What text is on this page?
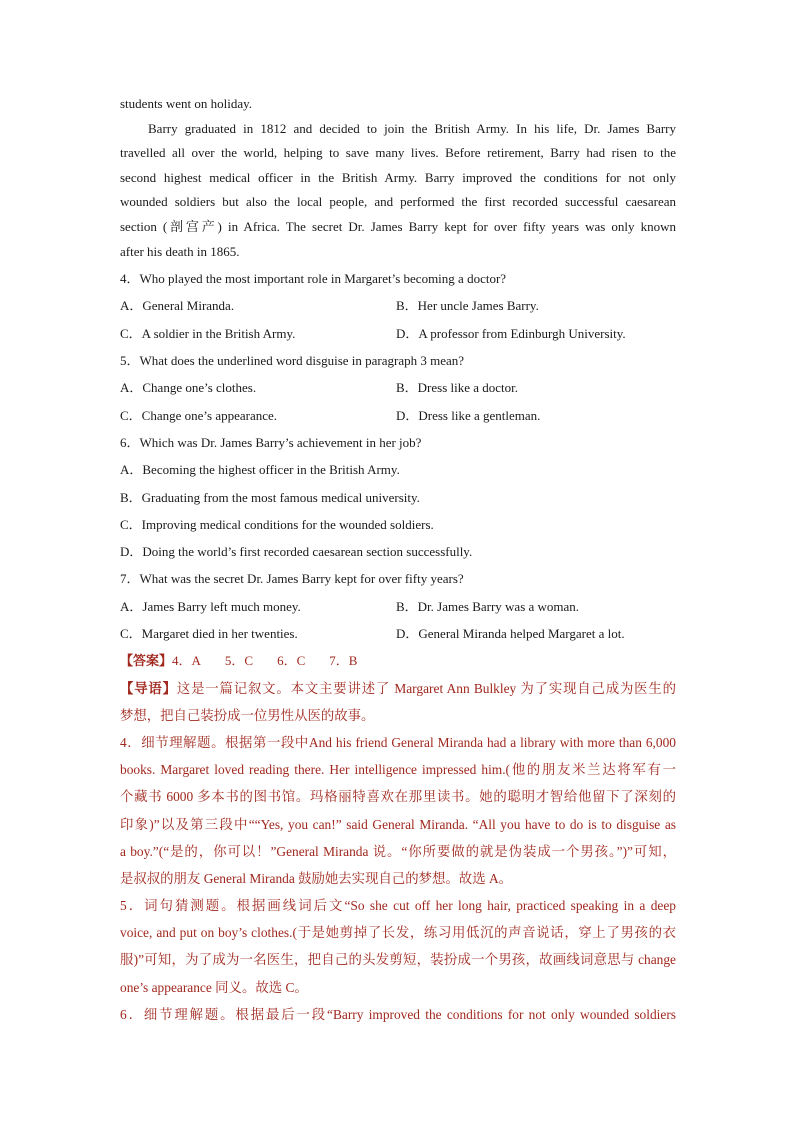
students went on holiday.
Barry graduated in 1812 and decided to join the British Army. In his life, Dr. James Barry
travelled all over the world, helping to save many lives. Before retirement, Barry had risen to the
second highest medical officer in the British Army. Barry improved the conditions for not only
wounded soldiers but also the local people, and performed the first recorded successful caesarean
section (剖宫产) in Africa. The secret Dr. James Barry kept for over fifty years was only known
after his death in 1865.
4．Who played the most important role in Margaret’s becoming a doctor?
A．General Miranda.	B．Her uncle James Barry.
C．A soldier in the British Army.	D．A professor from Edinburgh University.
5．What does the underlined word disguise in paragraph 3 mean?
A．Change one’s clothes.	B．Dress like a doctor.
C．Change one’s appearance.	D．Dress like a gentleman.
6．Which was Dr. James Barry’s achievement in her job?
A．Becoming the highest officer in the British Army.
B．Graduating from the most famous medical university.
C．Improving medical conditions for the wounded soldiers.
D．Doing the world’s first recorded caesarean section successfully.
7．What was the secret Dr. James Barry kept for over fifty years?
A．James Barry left much money.	B．Dr. James Barry was a woman.
C．Margaret died in her twenties.	D．General Miranda helped Margaret a lot.
【答案】4．A 5．C 6．C 7．B
【导语】这是一篇记叙文。本文主要讲述了 Margaret Ann Bulkley 为了实现自己成为医生的
梦想，把自己装扮成一位男性从医的故事。
4．细节理解题。根据第一段中And his friend General Miranda had a library with more than 6,000
books. Margaret loved reading there. Her intelligence impressed him.(他的朋友米兰达将军有一
个藏书 6000 多本书的图书馆。玛格丽特喜欢在那里读书。她的聪明才智给他留下了深刻的
印象)”以及第三段中““Yes, you can!” said General Miranda. “All you have to do is to disguise as
a boy.”(“是的，你可以！”General Miranda 说。“你所要做的就是伪装成一个男孩。”)”可知，
是叔叔的朋友 General Miranda 鼓励她去实现自己的梦想。故选 A。
5．词句猜测题。根据画线词后文“So she cut off her long hair, practiced speaking in a deep
voice, and put on boy’s clothes.(于是她剪掉了长发，练习用低沉的声音说话，穿上了男孩的衣
服)”可知，为了成为一名医生，把自己的头发剪短，装扮成一个男孩，故画线词意思与 change
one’s appearance 同义。故选 C。
6．细节理解题。根据最后一段“Barry improved the conditions for not only wounded soldiers
